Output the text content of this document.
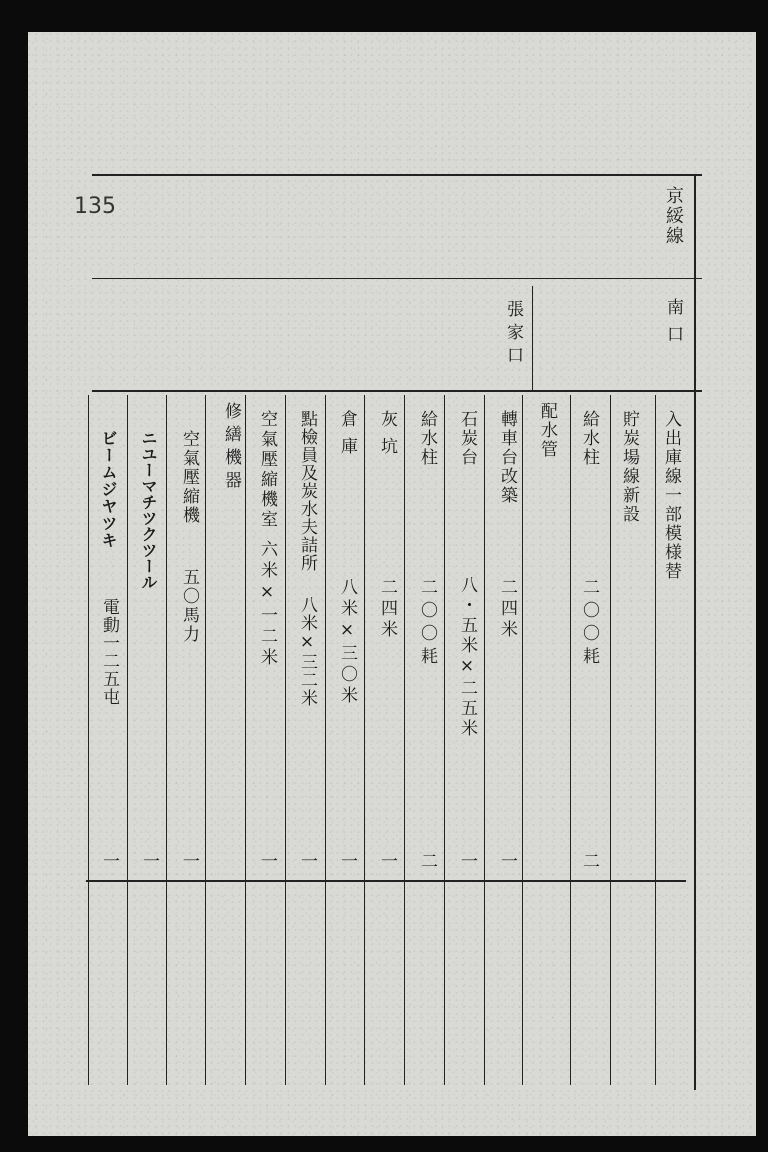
135	京綏線
南口
張家口
入出庫線一部模様替
貯炭場線新設
給水柱
二〇〇耗
二
配水管
轉車台改築
二四米
一
石炭台
八・五米×二五米
一
給水柱
二〇〇耗
二
灰坑
二四米
一
倉庫
八米×三〇米
一
點檢員及炭水夫詰所
八米×三二米
一
空氣壓縮機室
六米×一二米
一
修繕機器
空氣壓縮機
五〇馬力
一
ニユーマチツクツール
一
ビームジヤツキ
電動一二五屯
一
